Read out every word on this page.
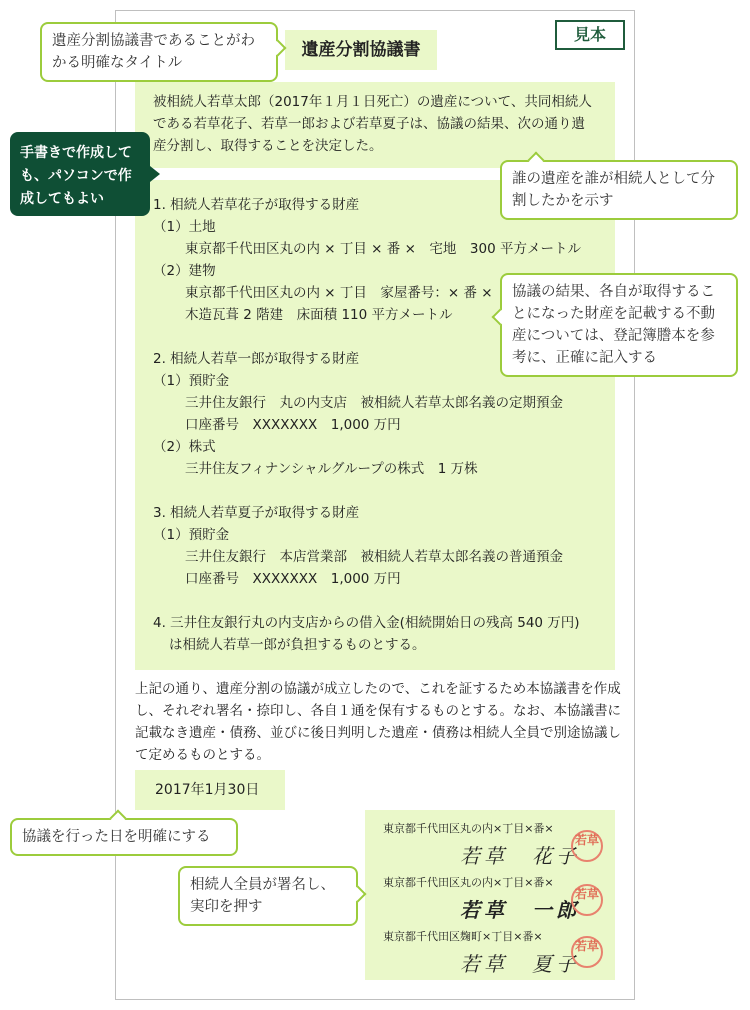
見本
遺産分割協議書
被相続人若草太郎（2017年１月１日死亡）の遺産について、共同相続人である若草花子、若草一郎および若草夏子は、協議の結果、次の通り遺産分割し、取得することを決定した。
1. 相続人若草花子が取得する財産
（1）土地
東京都千代田区丸の内 × 丁目 × 番 ×　宅地　300 平方メートル
（2）建物
東京都千代田区丸の内 × 丁目　家屋番号：× 番 ×
木造瓦葺 2 階建　床面積 110 平方メートル
2. 相続人若草一郎が取得する財産
（1）預貯金
三井住友銀行　丸の内支店　被相続人若草太郎名義の定期預金
口座番号　XXXXXXX　1,000 万円
（2）株式
三井住友フィナンシャルグループの株式　1 万株
3. 相続人若草夏子が取得する財産
（1）預貯金
三井住友銀行　本店営業部　被相続人若草太郎名義の普通預金
口座番号　XXXXXXX　1,000 万円
4. 三井住友銀行丸の内支店からの借入金(相続開始日の残高 540 万円)
は相続人若草一郎が負担するものとする。
上記の通り、遺産分割の協議が成立したので、これを証するため本協議書を作成し、それぞれ署名・捺印し、各自１通を保有するものとする。なお、本協議書に記載なき遺産・債務、並びに後日判明した遺産・債務は相続人全員で別途協議して定めるものとする。
2017年1月30日
東京都千代田区丸の内×丁目×番×
若草　花子
若草
東京都千代田区丸の内×丁目×番×
若草　一郎
若草
東京都千代田区麹町×丁目×番×
若草　夏子
若草
遺産分割協議書であることがわかる明確なタイトル
手書きで作成しても、パソコンで作成してもよい
誰の遺産を誰が相続人として分割したかを示す
協議の結果、各自が取得することになった財産を記載する不動産については、登記簿謄本を参考に、正確に記入する
協議を行った日を明確にする
相続人全員が署名し、実印を押す
